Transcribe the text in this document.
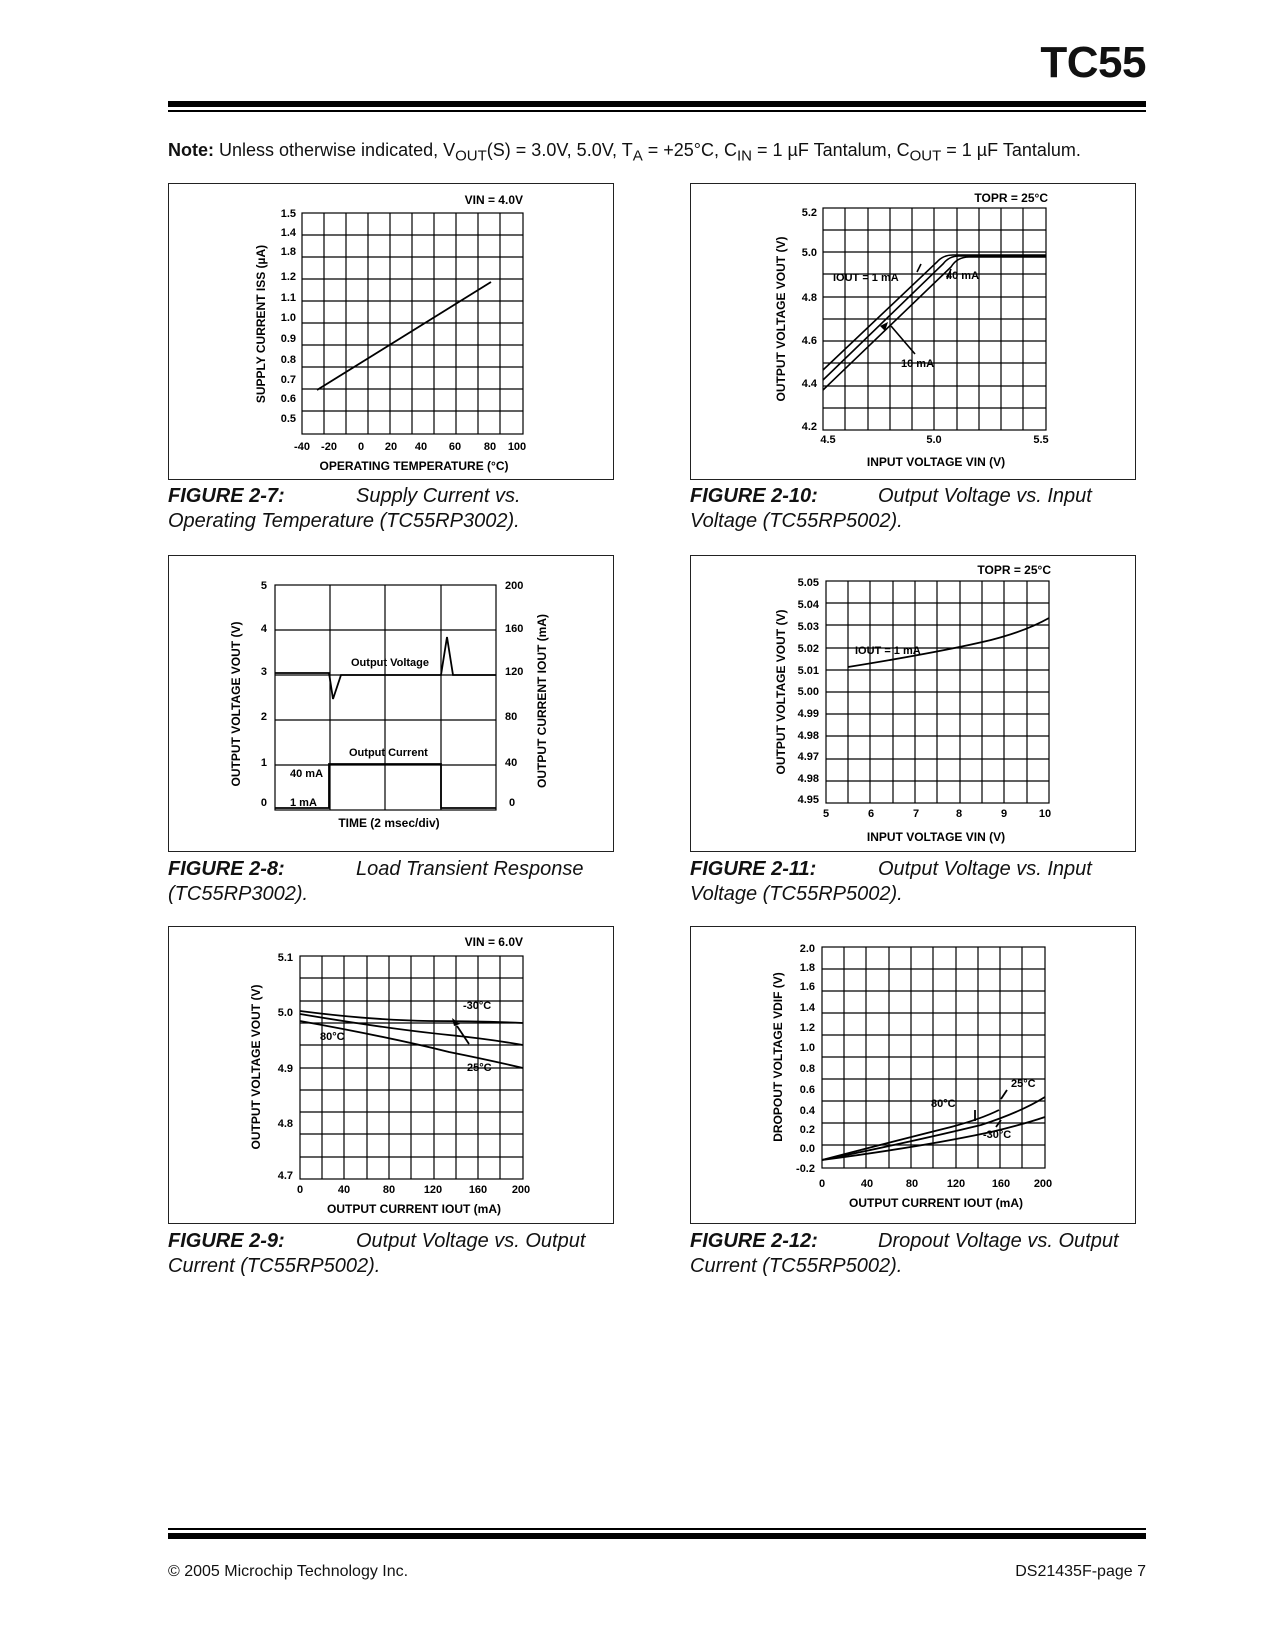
TC55
Note: Unless otherwise indicated, $V_{OUT}(S) = 3.0V$, 5.0V, $T_A = +25^\circ C$, $C_{IN} = 1$ µF Tantalum, $C_{OUT} = 1$ µF Tantalum.
1.5
1.4
1.8
1.2
1.1
1.0
0.9
0.8
0.7
0.6
0.5
-40 -20 0 20 40 60 80 100
OPERATING TEMPERATURE (°C)
SUPPLY CURRENT ISS (µA)
VIN = 4.0V
FIGURE 2-7:	Supply Current vs.
Operating Temperature (TC55RP3002).
5.2
5.0
4.8
4.6
4.4
4.2
4.5	5.0	5.5
IOUT = 1 mA	40 mA
10 mA
INPUT VOLTAGE VIN (V)
OUTPUT VOLTAGE VOUT (V)
TOPR = 25°C
FIGURE 2-10:	Output Voltage vs. Input
Voltage (TC55RP5002).
5
4
3
2
1
0
200
160
120
80
40
0
Output Voltage
Output Current
40 mA
1 mA
TIME (2 msec/div)
OUTPUT VOLTAGE VOUT (V)	OUTPUT CURRENT IOUT (mA)
FIGURE 2-8:	Load Transient Response
(TC55RP3002).
5.05
5.04
5.03
5.02
5.01
5.00
4.99
4.98
4.97
4.98
4.95
5	6	7	8	9	10
IOUT = 1 mA
INPUT VOLTAGE VIN (V)
OUTPUT VOLTAGE VOUT (V)
TOPR = 25°C
FIGURE 2-11:	Output Voltage vs. Input
Voltage (TC55RP5002).
5.1
5.0
4.9
4.8
4.7
0	40	80	120 160 200
-30°C
80°C
25°C
OUTPUT CURRENT IOUT (mA)
OUTPUT VOLTAGE VOUT (V)
VIN = 6.0V
FIGURE 2-9:	Output Voltage vs. Output
Current (TC55RP5002).
2.0
1.8
1.6
1.4
1.2
1.0
0.8
0.6
0.4
0.2
0.0
-0.2
0	40	80	120 160 200
25°C
80°C
-30°C
OUTPUT CURRENT IOUT (mA)
DROPOUT VOLTAGE VDIF (V)
FIGURE 2-12:	Dropout Voltage vs. Output
Current (TC55RP5002).
© 2005 Microchip Technology Inc.	DS21435F-page 7
